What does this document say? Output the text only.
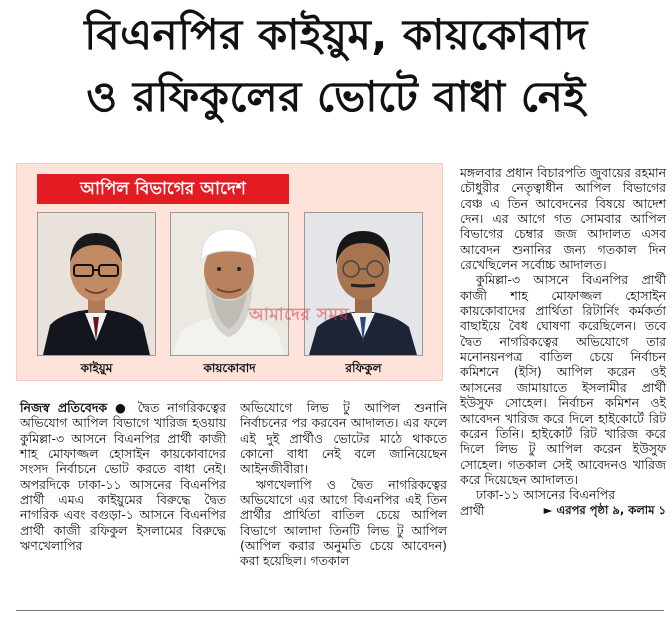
বিএনপির কাইয়ুম, কায়কোবাদ
ও রফিকুলের ভোটে বাধা নেই
আপিল বিভাগের আদেশ
কাইয়ুম	কায়কোবাদ	রফিকুল
আমাদের সময়

নিজস্ব প্রতিবেদক ● দ্বৈত নাগরিকত্বের অভিযোগ আপিল বিভাগে খারিজ হওয়ায় কুমিল্লা-৩ আসনে বিএনপির প্রার্থী কাজী শাহ মোফাজ্জল হোসাইন কায়কোবাদের সংসদ নির্বাচনে ভোট করতে বাধা নেই। অপরদিকে ঢাকা-১১ আসনের বিএনপির প্রার্থী এমএ কাইয়ুমের বিরুদ্ধে দ্বৈত নাগরিক এবং বগুড়া-১ আসনে বিএনপির প্রার্থী কাজী রফিকুল ইসলামের বিরুদ্ধে ঋণখেলাপির

অভিযোগে লিভ টু আপিল শুনানি নির্বাচনের পর করবেন আদালত। এর ফলে এই দুই প্রার্থীও ভোটের মাঠে থাকতে কোনো বাধা নেই বলে জানিয়েছেন আইনজীবীরা।

ঋণখেলাপি ও দ্বৈত নাগরিকত্বের অভিযোগে এর আগে বিএনপির এই তিন প্রার্থীর প্রার্থিতা বাতিল চেয়ে আপিল বিভাগে আলাদা তিনটি লিভ টু আপিল (আপিল করার অনুমতি চেয়ে আবেদন) করা হয়েছিল। গতকাল

মঙ্গলবার প্রধান বিচারপতি জুবায়ের রহমান চৌধুরীর নেতৃত্বাধীন আপিল বিভাগের বেঞ্চ এ তিন আবেদনের বিষয়ে আদেশ দেন। এর আগে গত সোমবার আপিল বিভাগের চেম্বার জজ আদালত এসব আবেদন শুনানির জন্য গতকাল দিন রেখেছিলেন সর্বোচ্চ আদালত।

কুমিল্লা-৩ আসনে বিএনপির প্রার্থী কাজী শাহ মোফাজ্জল হোসাইন কায়কোবাদের প্রার্থিতা রিটার্নিং কর্মকর্তা বাছাইয়ে বৈধ ঘোষণা করেছিলেন। তবে দ্বৈত নাগরিকত্বের অভিযোগে তার মনোনয়নপত্র বাতিল চেয়ে নির্বাচন কমিশনে (ইসি) আপিল করেন ওই আসনের জামায়াতে ইসলামীর প্রার্থী ইউসুফ সোহেল। নির্বাচন কমিশন ওই আবেদন খারিজ করে দিলে হাইকোর্টে রিট করেন তিনি। হাইকোর্ট রিট খারিজ করে দিলে লিভ টু আপিল করেন ইউসুফ সোহেল। গতকাল সেই আবেদনও খারিজ করে দিয়েছেন আদালত।

ঢাকা-১১ আসনের বিএনপির

প্রার্থী	► এরপর পৃষ্ঠা ৯, কলাম ১
